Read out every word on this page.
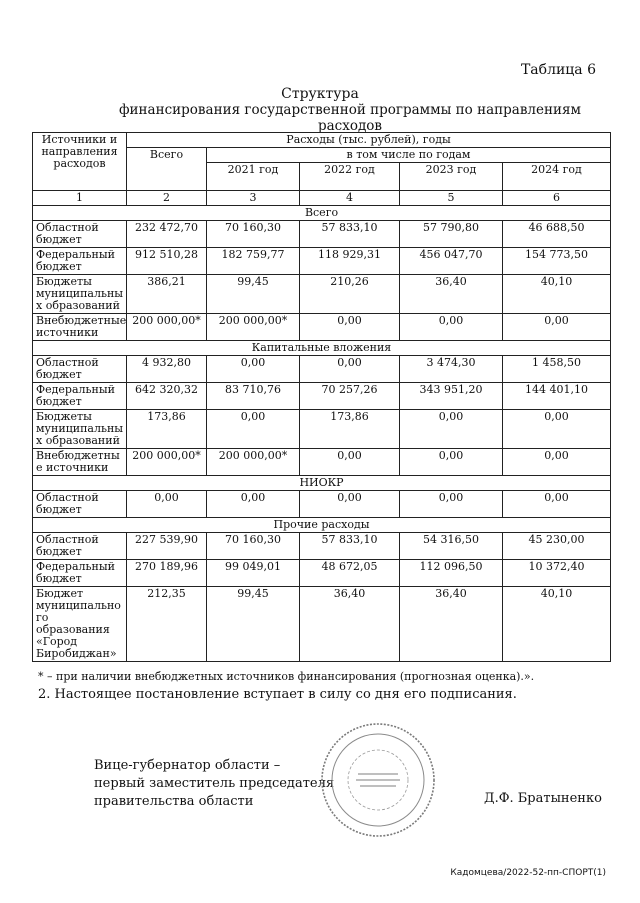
Таблица 6
Структура
финансирования государственной программы по направлениям расходов
Источники и направления расходов	Расходы (тыс. рублей), годы				
	Всего	в том числе по годам			
		2021 год	2022 год	2023 год	2024 год
1	2	3	4	5	6
Всего					
Областной бюджет	232 472,70	70 160,30	57 833,10	57 790,80	46 688,50
Федеральный бюджет	912 510,28	182 759,77	118 929,31	456 047,70	154 773,50
Бюджеты муниципальны х образований	386,21	99,45	210,26	36,40	40,10
Внебюджетные источники	200 000,00*	200 000,00*	0,00	0,00	0,00
Капитальные вложения					
Областной бюджет	4 932,80	0,00	0,00	3 474,30	1 458,50
Федеральный бюджет	642 320,32	83 710,76	70 257,26	343 951,20	144 401,10
Бюджеты муниципальны х образований	173,86	0,00	173,86	0,00	0,00
Внебюджетны е источники	200 000,00*	200 000,00*	0,00	0,00	0,00
НИОКР					
Областной бюджет	0,00	0,00	0,00	0,00	0,00
Прочие расходы					
Областной бюджет	227 539,90	70 160,30	57 833,10	54 316,50	45 230,00
Федеральный бюджет	270 189,96	99 049,01	48 672,05	112 096,50	10 372,40
Бюджет муниципально го образования «Город Биробиджан»	212,35	99,45	36,40	36,40	40,10
* – при наличии внебюджетных источников финансирования (прогнозная оценка).».
2. Настоящее постановление вступает в силу со дня его подписания.
Вице-губернатор области –
первый заместитель председателя
правительства области	Д.Ф. Братыненко
Кадомцева/2022-52-пп-СПОРТ(1)
